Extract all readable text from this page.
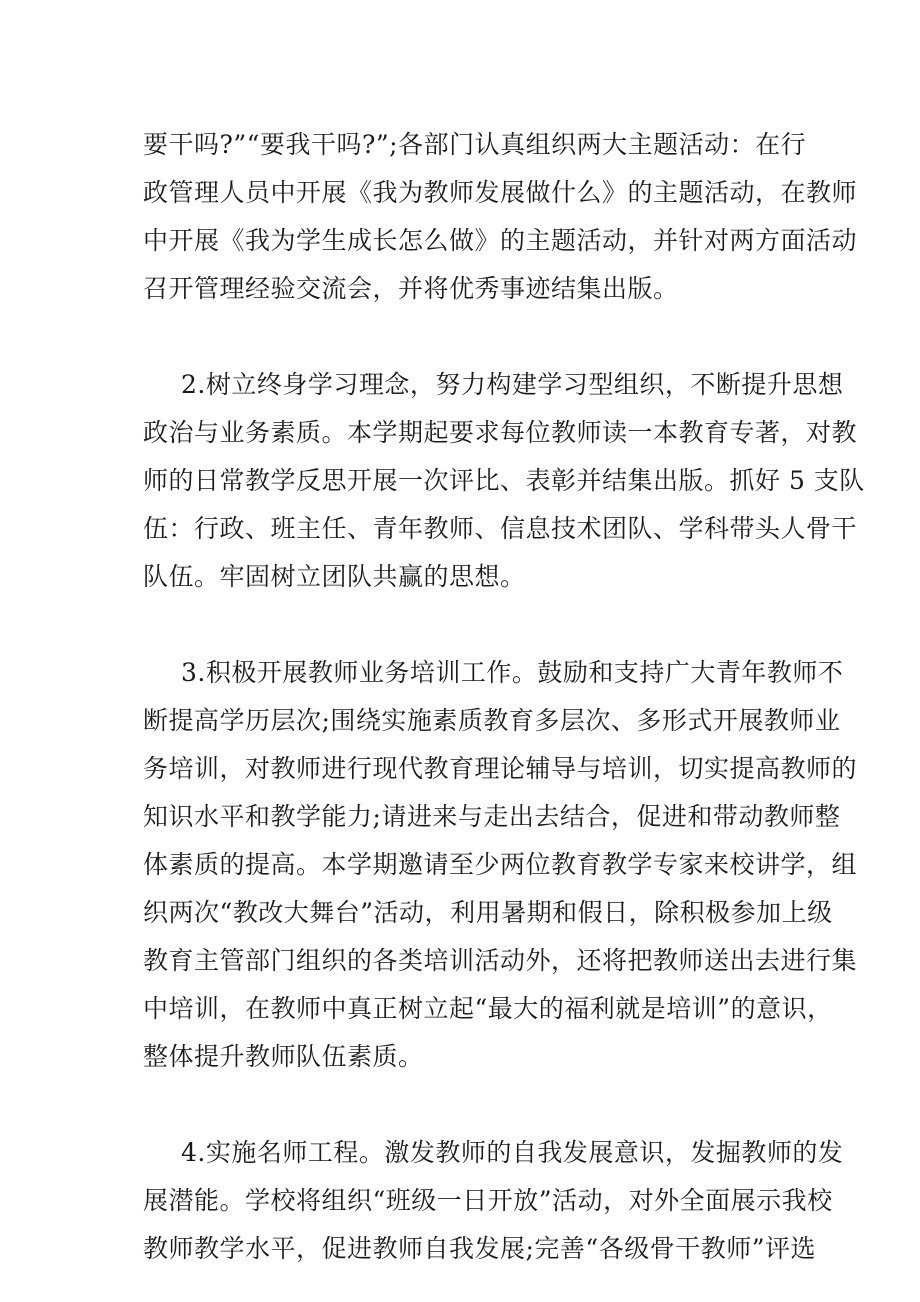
要干吗?”“要我干吗?”;各部门认真组织两大主题活动：在行
政管理人员中开展《我为教师发展做什么》的主题活动，在教师
中开展《我为学生成长怎么做》的主题活动，并针对两方面活动
召开管理经验交流会，并将优秀事迹结集出版。
2.树立终身学习理念，努力构建学习型组织，不断提升思想
政治与业务素质。本学期起要求每位教师读一本教育专著，对教
师的日常教学反思开展一次评比、表彰并结集出版。抓好 5 支队
伍：行政、班主任、青年教师、信息技术团队、学科带头人骨干
队伍。牢固树立团队共赢的思想。
3.积极开展教师业务培训工作。鼓励和支持广大青年教师不
断提高学历层次;围绕实施素质教育多层次、多形式开展教师业
务培训，对教师进行现代教育理论辅导与培训，切实提高教师的
知识水平和教学能力;请进来与走出去结合，促进和带动教师整
体素质的提高。本学期邀请至少两位教育教学专家来校讲学，组
织两次“教改大舞台”活动，利用暑期和假日，除积极参加上级
教育主管部门组织的各类培训活动外，还将把教师送出去进行集
中培训，在教师中真正树立起“最大的福利就是培训”的意识，
整体提升教师队伍素质。
4.实施名师工程。激发教师的自我发展意识，发掘教师的发
展潜能。学校将组织“班级一日开放”活动，对外全面展示我校
教师教学水平，促进教师自我发展;完善“各级骨干教师”评选
